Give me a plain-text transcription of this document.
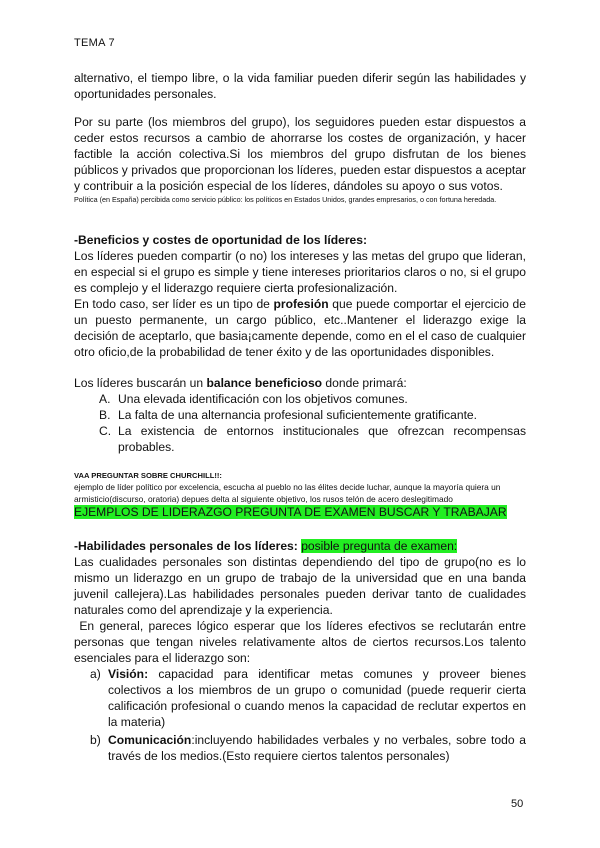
TEMA 7
alternativo, el tiempo libre, o la vida familiar pueden diferir según las habilidades y oportunidades personales.
Por su parte (los miembros del grupo), los seguidores pueden estar dispuestos a ceder estos recursos a cambio de ahorrarse los costes de organización, y hacer factible la acción colectiva.Si los miembros del grupo disfrutan de los bienes públicos y privados que proporcionan los líderes, pueden estar dispuestos a aceptar y contribuir a la posición especial de los líderes, dándoles su apoyo o sus votos.
Política (en España) percibida como servicio público: los políticos en Estados Unidos, grandes empresarios, o con fortuna heredada.
-Beneficios y costes de oportunidad de los líderes:
Los líderes pueden compartir (o no) los intereses y las metas del grupo que lideran, en especial si el grupo es simple y tiene intereses prioritarios claros o no, si el grupo es complejo y el liderazgo requiere cierta profesionalización.
En todo caso, ser líder es un tipo de profesión que puede comportar el ejercicio de un puesto permanente, un cargo público, etc..Mantener el liderazgo exige la decisión de aceptarlo, que basia¡camente depende, como en el el caso de cualquier otro oficio,de la probabilidad de tener éxito y de las oportunidades disponibles.
Los líderes buscarán un balance beneficioso donde primará:
A. Una elevada identificación con los objetivos comunes.
B. La falta de una alternancia profesional suficientemente gratificante.
C. La existencia de entornos institucionales que ofrezcan recompensas probables.
VAA PREGUNTAR SOBRE CHURCHILL!!:
ejemplo de líder político por excelencia, escucha al pueblo no las élites decide luchar, aunque la mayoría quiera un armisticio(discurso, oratoria) depues delta al siguiente objetivo, los rusos telón de acero deslegitimado
EJEMPLOS DE LIDERAZGO PREGUNTA DE EXAMEN BUSCAR Y TRABAJAR
-Habilidades personales de los líderes: posible pregunta de examen:
Las cualidades personales son distintas dependiendo del tipo de grupo(no es lo mismo un liderazgo en un grupo de trabajo de la universidad que en una banda juvenil callejera).Las habilidades personales pueden derivar tanto de cualidades naturales como del aprendizaje y la experiencia.
En general, pareces lógico esperar que los líderes efectivos se reclutarán entre personas que tengan niveles relativamente altos de ciertos recursos.Los talento esenciales para el liderazgo son:
a) Visión: capacidad para identificar metas comunes y proveer bienes colectivos a los miembros de un grupo o comunidad (puede requerir cierta calificación profesional o cuando menos la capacidad de reclutar expertos en la materia)
b) Comunicación:incluyendo habilidades verbales y no verbales, sobre todo a través de los medios.(Esto requiere ciertos talentos personales)
50
